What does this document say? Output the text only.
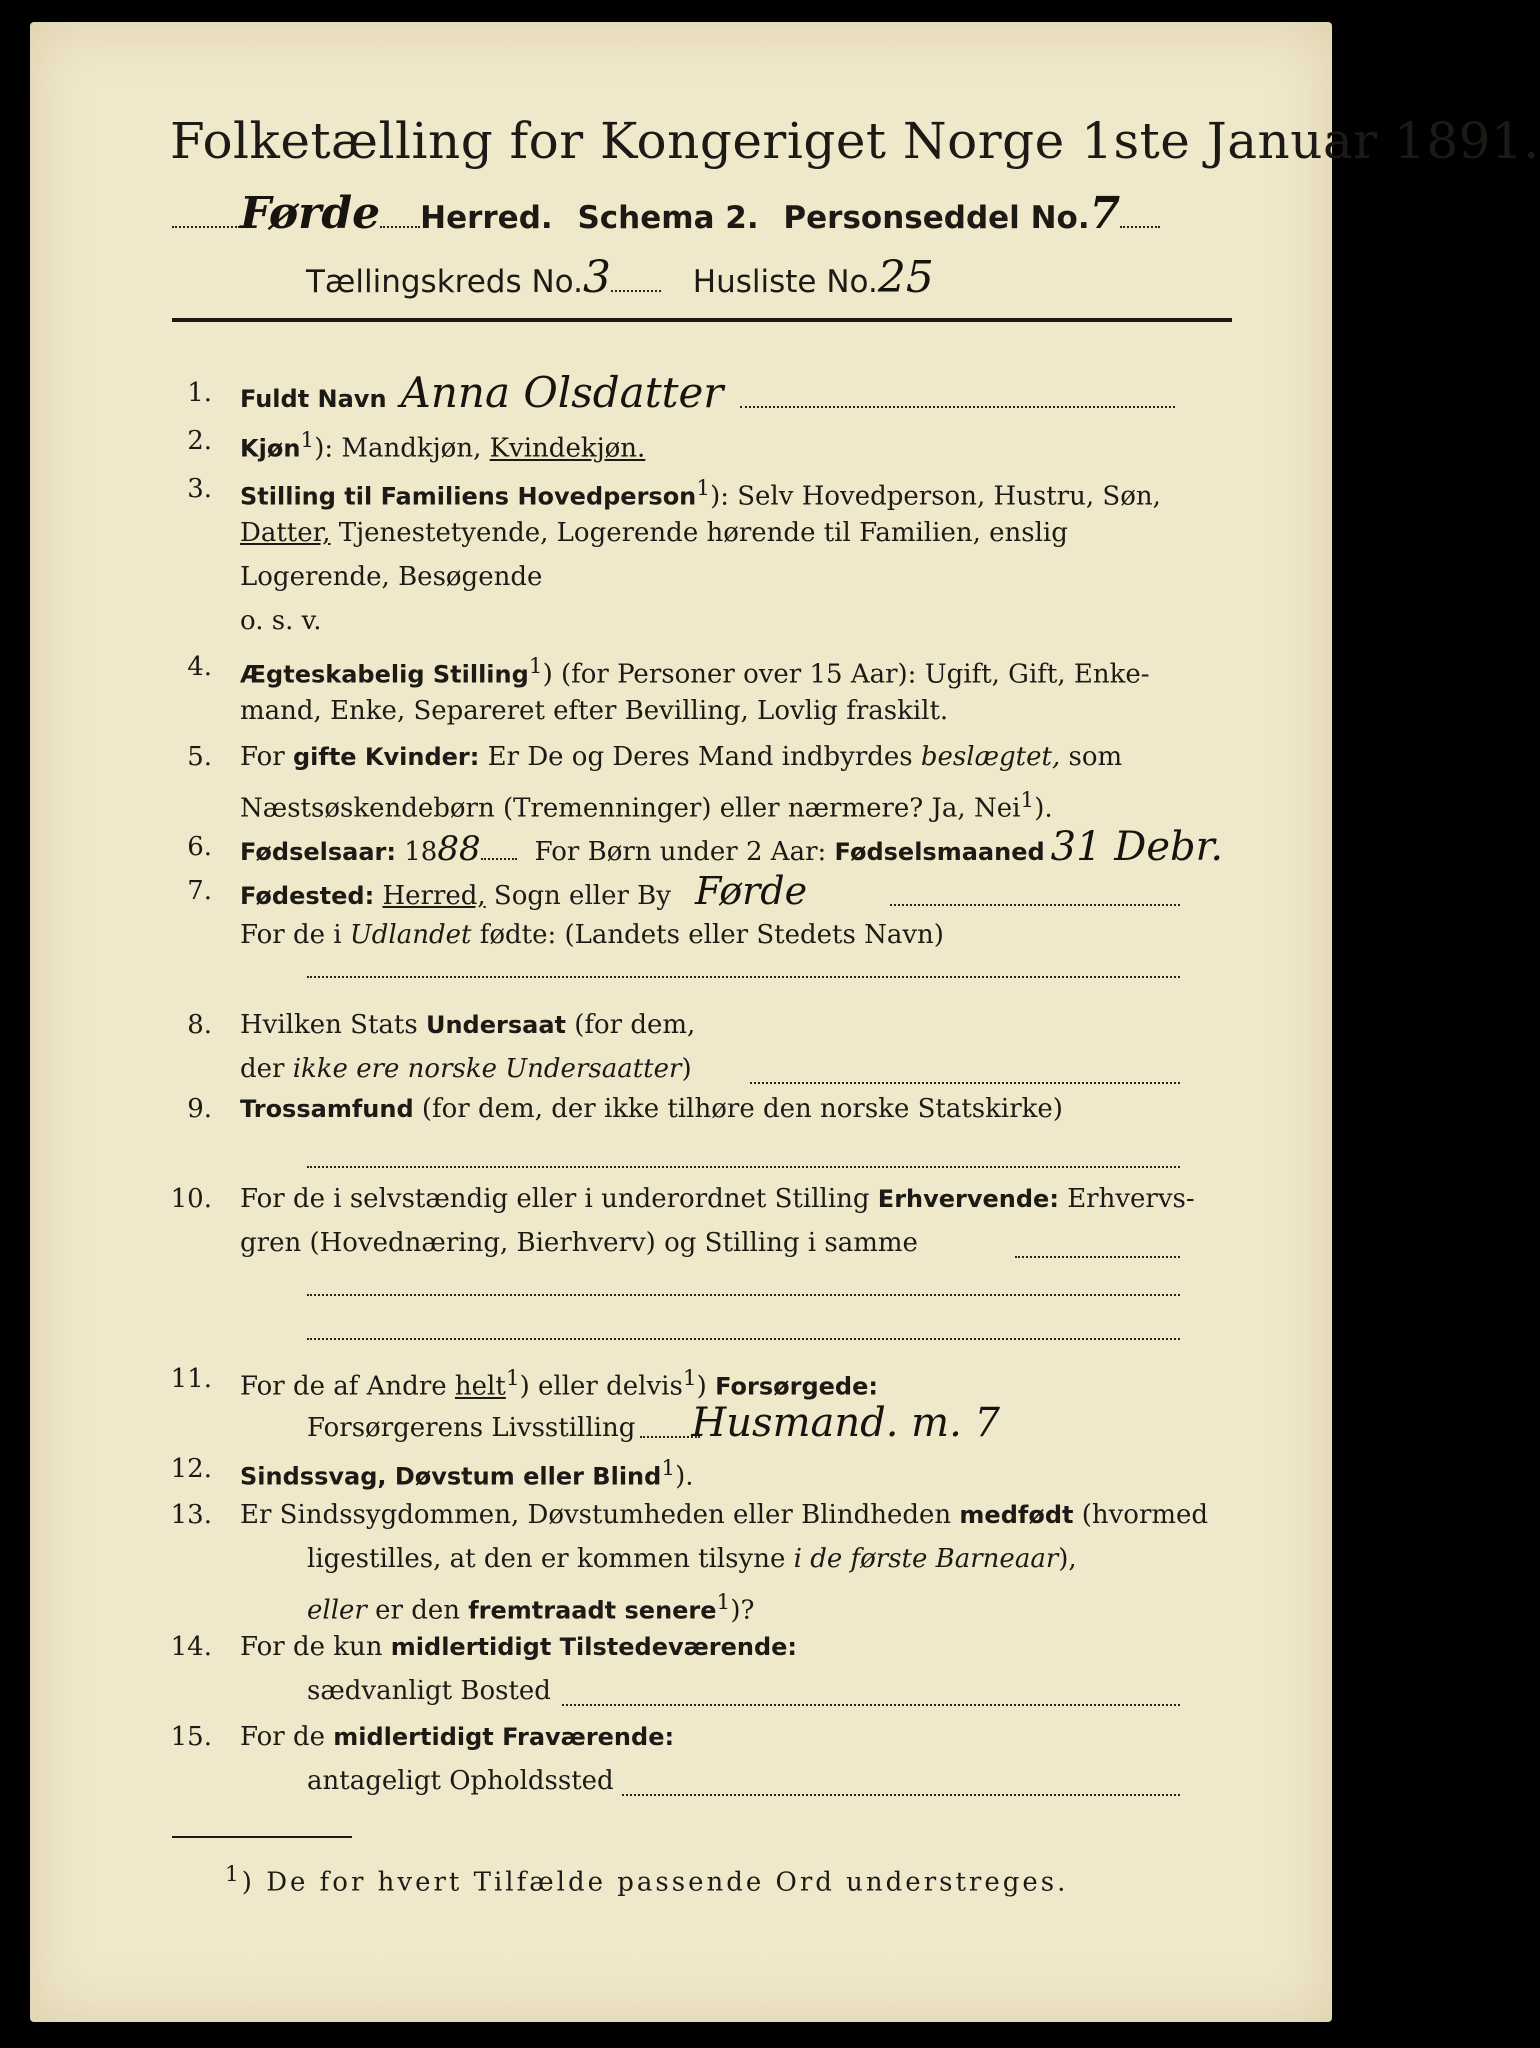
Folketælling for Kongeriget Norge 1ste Januar 1891.
Førde Herred. Schema 2. Personseddel No.7
Tællingskreds No.3	Husliste No.25
1. Fuldt Navn Anna Olsdatter
2. Kjøn$^1$): Mandkjøn, Kvindekjøn.
3. Stilling til Familiens Hovedperson$^1$): Selv Hovedperson, Hustru, Søn,
Datter, Tjenestetyende, Logerende hørende til Familien, enslig
Logerende, Besøgende
o. s. v.
4. Ægteskabelig Stilling$^1$) (for Personer over 15 Aar): Ugift, Gift, Enke-
mand, Enke, Separeret efter Bevilling, Lovlig fraskilt.
5. For gifte Kvinder: Er De og Deres Mand indbyrdes beslægtet, som
Næstsøskendebørn (Tremenninger) eller nærmere? Ja, Nei$^1$).
6. Fødselsaar: 1888 For Børn under 2 Aar: Fødselsmaaned 31 Debr.
7. Fødested: Herred, Sogn eller By Førde
For de i Udlandet fødte: (Landets eller Stedets Navn)
8. Hvilken Stats Undersaat (for dem,
der ikke ere norske Undersaatter)
9. Trossamfund (for dem, der ikke tilhøre den norske Statskirke)
10. For de i selvstændig eller i underordnet Stilling Erhvervende: Erhvervs-
gren (Hovednæring, Bierhverv) og Stilling i samme
11. For de af Andre helt$^1$) eller delvis$^1$) Forsørgede:
Forsørgerens Livsstilling Husmand. m. 7
12. Sindssvag, Døvstum eller Blind$^1$).
13. Er Sindssygdommen, Døvstumheden eller Blindheden medfødt (hvormed
ligestilles, at den er kommen tilsyne i de første Barneaar),
eller er den fremtraadt senere$^1$)?
14. For de kun midlertidigt Tilstedeværende:
sædvanligt Bosted
15. For de midlertidigt Fraværende:
antageligt Opholdssted
$^1$) De for hvert Tilfælde passende Ord understreges.
